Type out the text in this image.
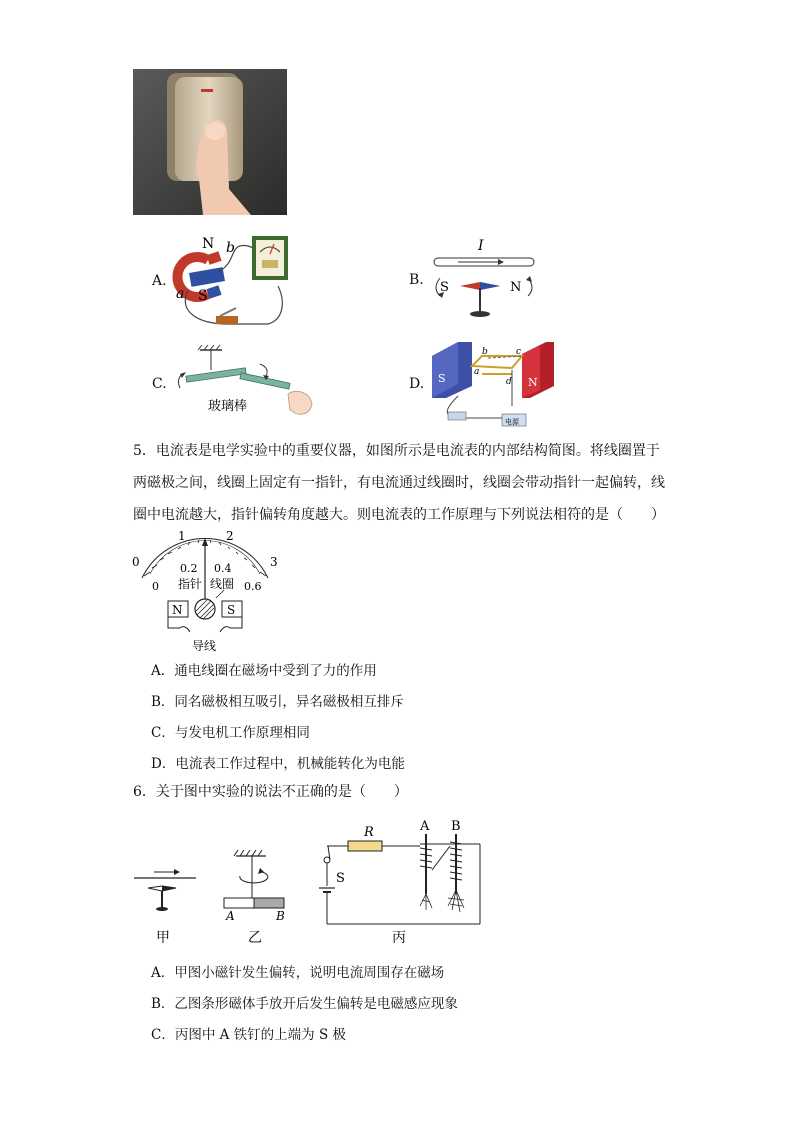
A.
N
S
a
b
B.
I
S	N
C.
玻璃棒
D. S	N
a
b	c
d
电源
5．电流表是电学实验中的重要仪器，如图所示是电流表的内部结构简图。将线圈置于
两磁极之间，线圈上固定有一指针，有电流通过线圈时，线圈会带动指针一起偏转，线
圈中电流越大，指针偏转角度越大。则电流表的工作原理与下列说法相符的是（　　）
0
1	2
3
0
0.2 0.4
0.6
指针 线圈
N	S
导线
A．通电线圈在磁场中受到了力的作用
B．同名磁极相互吸引，异名磁极相互排斥
C．与发电机工作原理相同
D．电流表工作过程中，机械能转化为电能
6．关于图中实验的说法不正确的是（　　）
甲	乙	丙
A	B
R
S
A B
A．甲图小磁针发生偏转，说明电流周围存在磁场
B．乙图条形磁体手放开后发生偏转是电磁感应现象
C．丙图中 A 铁钉的上端为 S 极
